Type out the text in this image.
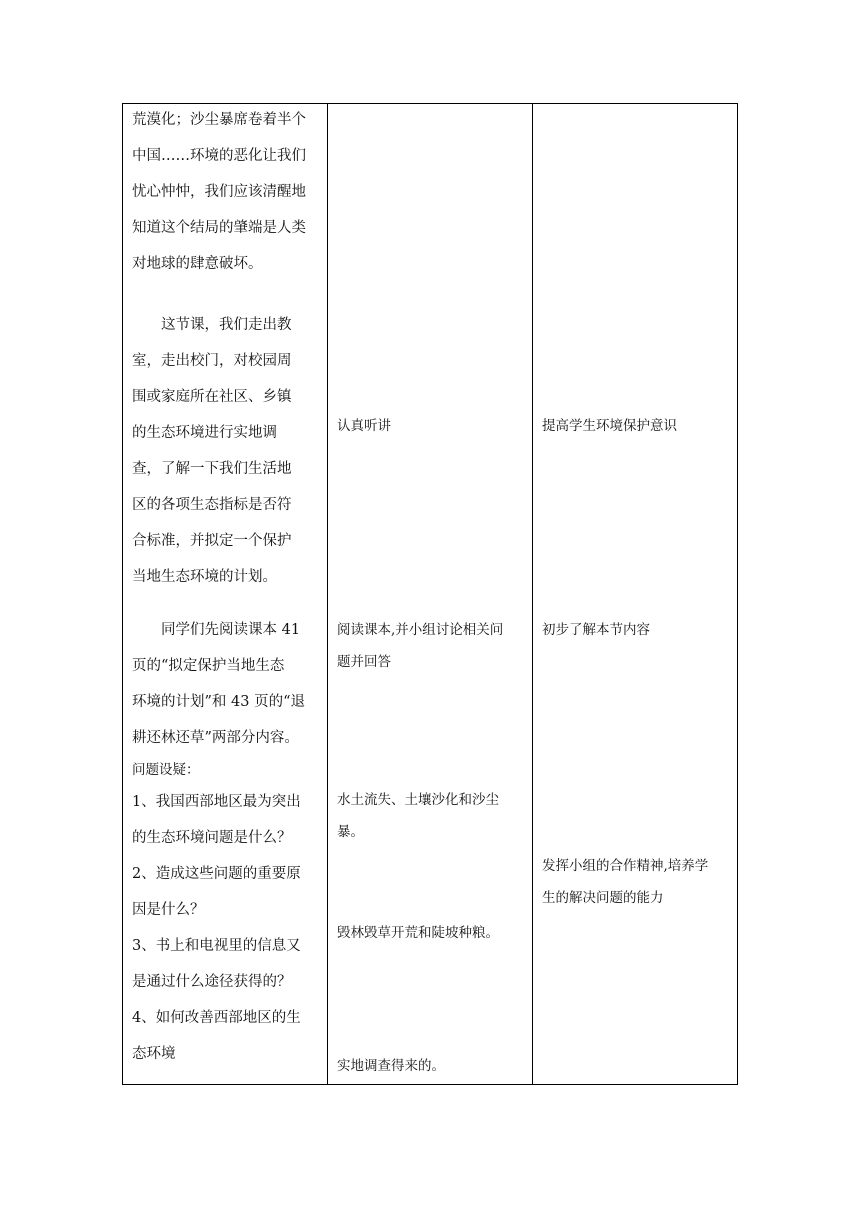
荒漠化；沙尘暴席卷着半个

中国……环境的恶化让我们

忧心忡忡，我们应该清醒地

知道这个结局的肇端是人类

对地球的肆意破坏。

这节课，我们走出教

室，走出校门，对校园周

围或家庭所在社区、乡镇

的生态环境进行实地调

查，了解一下我们生活地

区的各项生态指标是否符

合标准，并拟定一个保护

当地生态环境的计划。

同学们先阅读课本 41

页的“拟定保护当地生态

环境的计划”和 43 页的“退

耕还林还草”两部分内容。

问题设疑：

1、我国西部地区最为突出

的生态环境问题是什么？

2、造成这些问题的重要原

因是什么？

3、书上和电视里的信息又

是通过什么途径获得的？

4、如何改善西部地区的生

态环境

认真听讲

阅读课本,并小组讨论相关问

题并回答

水土流失、土壤沙化和沙尘

暴。

毁林毁草开荒和陡坡种粮。

实地调查得来的。

提高学生环境保护意识

初步了解本节内容

发挥小组的合作精神,培养学

生的解决问题的能力
